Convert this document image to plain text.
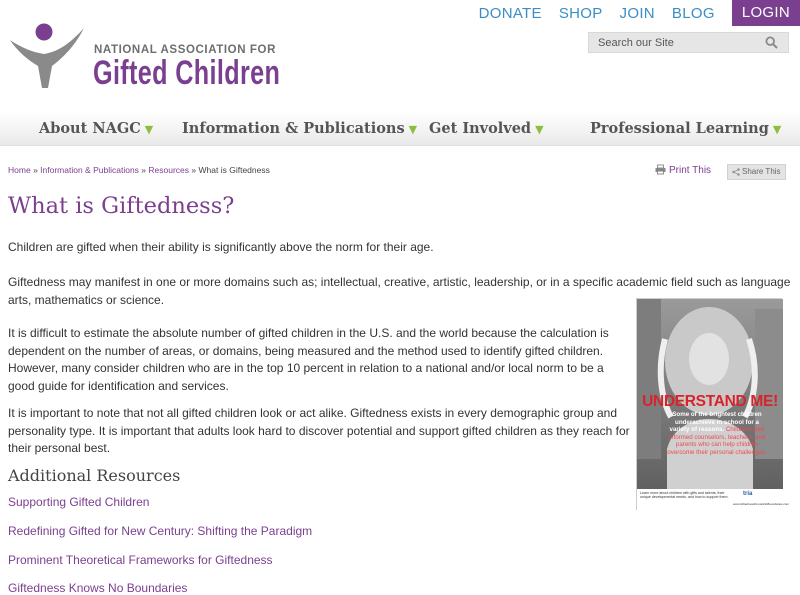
NATIONAL ASSOCIATION FOR
Gifted Children
DONATE SHOP JOIN BLOG	LOGIN
Search our Site
About NAGC ▼ Information & Publications ▼ Get Involved ▼	Professional Learning ▼
Home » Information & Publications » Resources » What is Giftedness	Print This	Share This
What is Giftedness?

Children are gifted when their ability is significantly above the norm for their age.

Giftedness may manifest in one or more domains such as; intellectual, creative, artistic, leadership, or in a specific academic field such as language arts, mathematics or science.

It is difficult to estimate the absolute number of gifted children in the U.S. and the world because the calculation is dependent on the number of areas, or domains, being measured and the method used to identify gifted children. However, many consider children who are in the top 10 percent in relation to a national and/or local norm to be a good guide for identification and services.

It is important to note that not all gifted children look or act alike. Giftedness exists in every demographic group and personality type. It is important that adults look hard to discover potential and support gifted children as they reach for their personal best.

UNDERSTAND ME!
Some of the brightest children underachieve in school for a variety of reasons. Children need informed counselors, teachers, and parents who can help children overcome their personal challenges.
Learn more about children with gifts and talents, their unique developmental needs, and how to support them.
tria
www.GiftednessKnowsNoBoundaries.com
Additional Resources
Supporting Gifted Children
Redefining Gifted for New Century: Shifting the Paradigm
Prominent Theoretical Frameworks for Giftedness
Giftedness Knows No Boundaries
